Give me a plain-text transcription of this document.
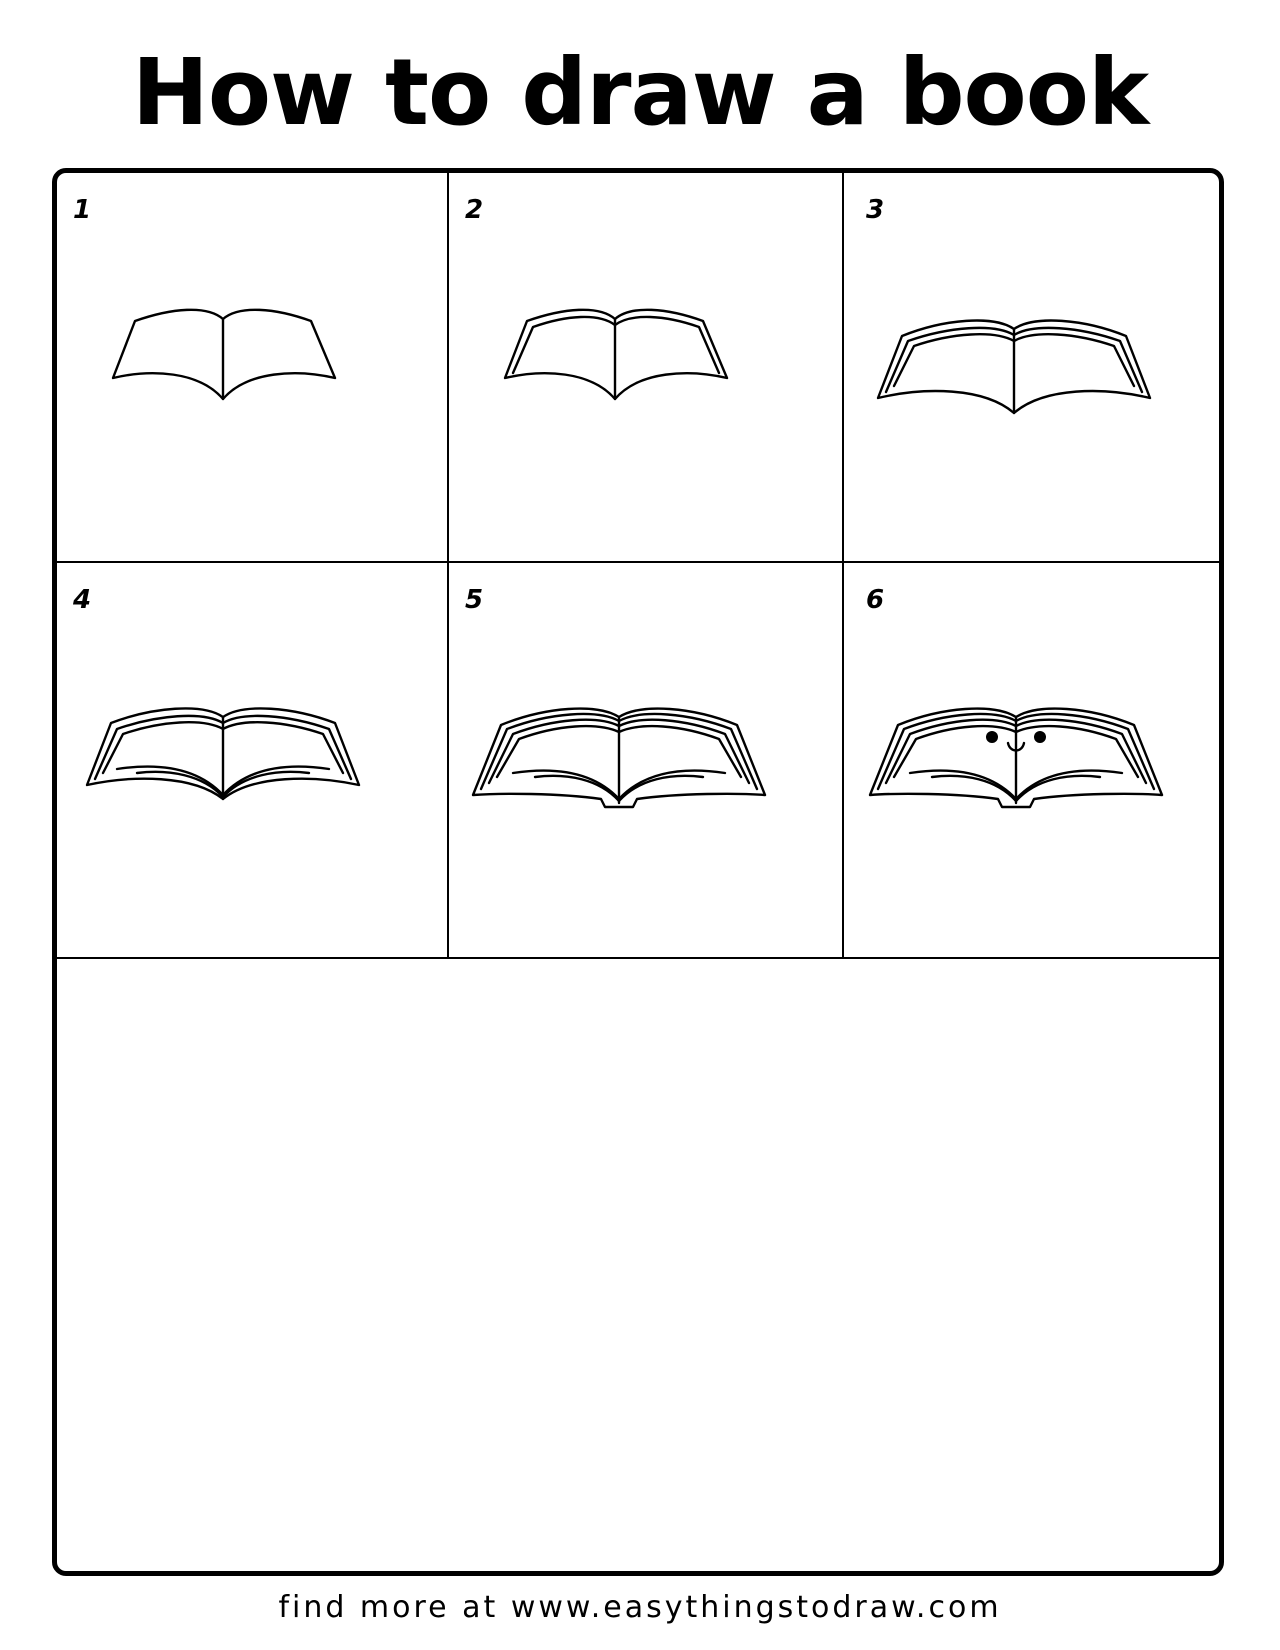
How to draw a book
1	2	3
4	5	6
find more at www.easythingstodraw.com
